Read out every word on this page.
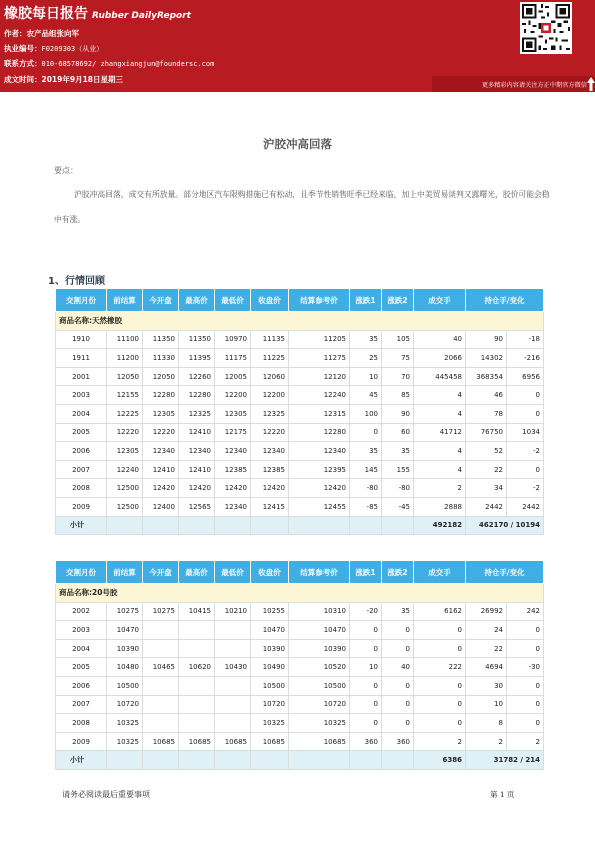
橡胶每日报告 Rubber DailyReport
作者：农产品组张向军
执业编号：F0209303（从业）
联系方式：010-68578692/ zhangxiangjun@foundersc.com
成文时间：2019年9月18日星期三
更多精彩内容请关注方正中期官方微信
沪胶冲高回落
要点：
沪胶冲高回落，成交有所放量。部分地区汽车限购措施已有松动，且季节性销售旺季已经来临，加上中美贸易谈判又露曙光，胶价可能会稳中有涨。
1、行情回顾
交割月份	前结算	今开盘	最高价	最低价	收盘价	结算参考价	涨跌1	涨跌2	成交手	持仓手/变化	
商品名称:天然橡胶											
1910	11100	11350	11350	10970	11135	11205	35	105	40	90	-18
1911	11200	11330	11395	11175	11225	11275	25	75	2066	14302	-216
2001	12050	12050	12260	12005	12060	12120	10	70	445458	368354	6956
2003	12155	12280	12280	12200	12200	12240	45	85	4	46	0
2004	12225	12305	12325	12305	12325	12315	100	90	4	78	0
2005	12220	12220	12410	12175	12220	12280	0	60	41712	76750	1034
2006	12305	12340	12340	12340	12340	12340	35	35	4	52	-2
2007	12240	12410	12410	12385	12385	12395	145	155	4	22	0
2008	12500	12420	12420	12420	12420	12420	-80	-80	2	34	-2
2009	12500	12400	12565	12340	12415	12455	-85	-45	2888	2442	2442
小计									492182	462170 / 10194	
交割月份	前结算	今开盘	最高价	最低价	收盘价	结算参考价	涨跌1	涨跌2	成交手	持仓手/变化	
商品名称:20号胶											
2002	10275	10275	10415	10210	10255	10310	-20	35	6162	26992	242
2003	10470				10470	10470	0	0	0	24	0
2004	10390				10390	10390	0	0	0	22	0
2005	10480	10465	10620	10430	10490	10520	10	40	222	4694	-30
2006	10500				10500	10500	0	0	0	30	0
2007	10720				10720	10720	0	0	0	10	0
2008	10325				10325	10325	0	0	0	8	0
2009	10325	10685	10685	10685	10685	10685	360	360	2	2	2
小计									6386	31782 / 214	
请务必阅读最后重要事项	第 1 页
